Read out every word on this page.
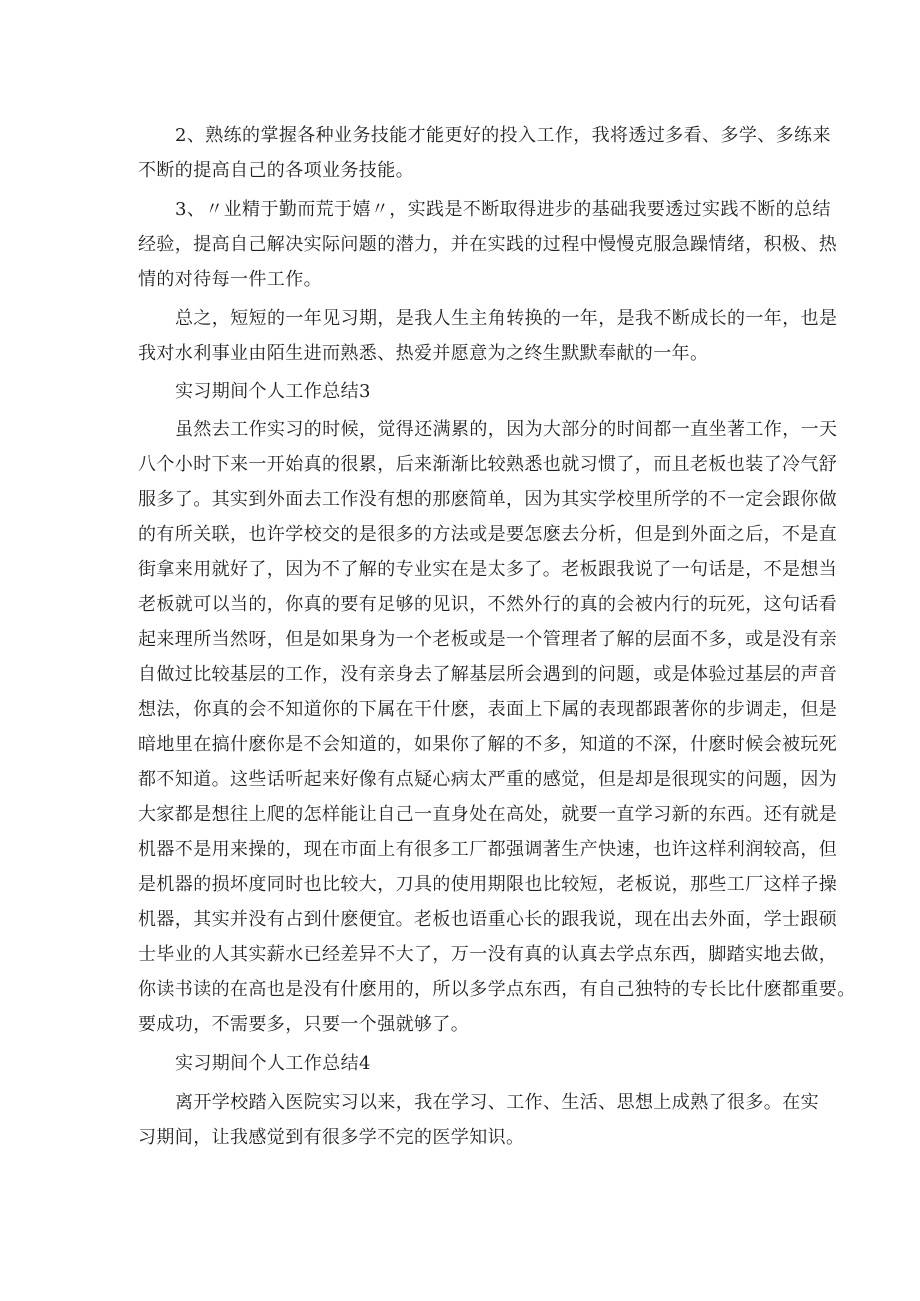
2、熟练的掌握各种业务技能才能更好的投入工作，我将透过多看、多学、多练来

不断的提高自己的各项业务技能。

3、〃业精于勤而荒于嬉〃，实践是不断取得进步的基础我要透过实践不断的总结

经验，提高自己解决实际问题的潜力，并在实践的过程中慢慢克服急躁情绪，积极、热

情的对待每一件工作。

总之，短短的一年见习期，是我人生主角转换的一年，是我不断成长的一年，也是

我对水利事业由陌生进而熟悉、热爱并愿意为之终生默默奉献的一年。

实习期间个人工作总结3

虽然去工作实习的时候，觉得还满累的，因为大部分的时间都一直坐著工作，一天

八个小时下来一开始真的很累，后来渐渐比较熟悉也就习惯了，而且老板也装了冷气舒

服多了。其实到外面去工作没有想的那麽简单，因为其实学校里所学的不一定会跟你做

的有所关联，也许学校交的是很多的方法或是要怎麽去分析，但是到外面之后，不是直

街拿来用就好了，因为不了解的专业实在是太多了。老板跟我说了一句话是，不是想当

老板就可以当的，你真的要有足够的见识，不然外行的真的会被内行的玩死，这句话看

起来理所当然呀，但是如果身为一个老板或是一个管理者了解的层面不多，或是没有亲

自做过比较基层的工作，没有亲身去了解基层所会遇到的问题，或是体验过基层的声音

想法，你真的会不知道你的下属在干什麽，表面上下属的表现都跟著你的步调走，但是

暗地里在搞什麽你是不会知道的，如果你了解的不多，知道的不深，什麽时候会被玩死

都不知道。这些话听起来好像有点疑心病太严重的感觉，但是却是很现实的问题，因为

大家都是想往上爬的怎样能让自己一直身处在高处，就要一直学习新的东西。还有就是

机器不是用来操的，现在市面上有很多工厂都强调著生产快速，也许这样利润较高，但

是机器的损坏度同时也比较大，刀具的使用期限也比较短，老板说，那些工厂这样子操

机器，其实并没有占到什麽便宜。老板也语重心长的跟我说，现在出去外面，学士跟硕

士毕业的人其实薪水已经差异不大了，万一没有真的认真去学点东西，脚踏实地去做，

你读书读的在高也是没有什麽用的，所以多学点东西，有自己独特的专长比什麽都重要。

要成功，不需要多，只要一个强就够了。

实习期间个人工作总结4

离开学校踏入医院实习以来，我在学习、工作、生活、思想上成熟了很多。在实

习期间，让我感觉到有很多学不完的医学知识。
